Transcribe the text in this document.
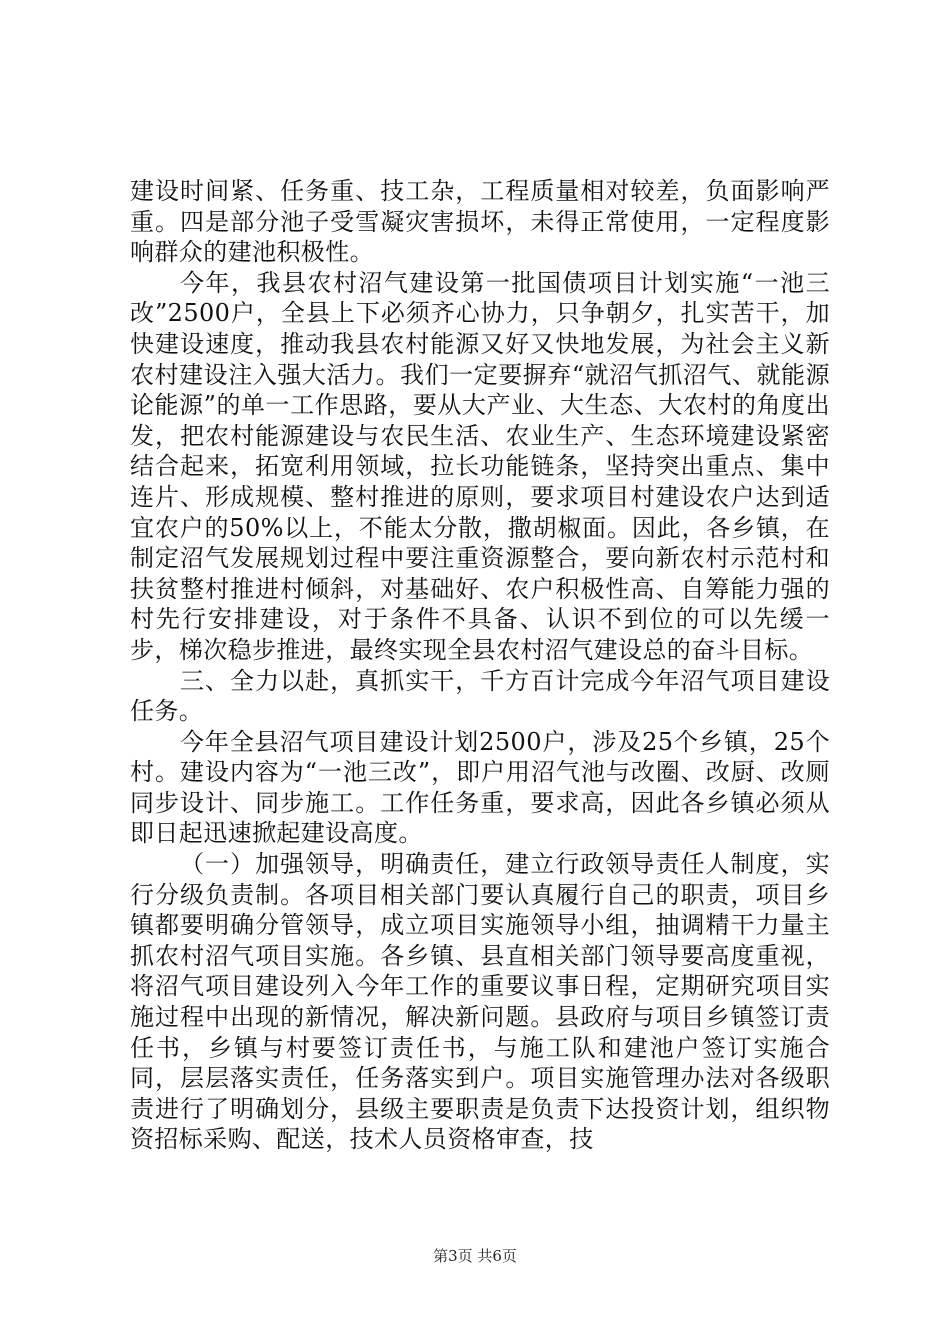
建设时间紧、任务重、技工杂，工程质量相对较差，负面影响严重。四是部分池子受雪凝灾害损坏，未得正常使用，一定程度影响群众的建池积极性。

今年，我县农村沼气建设第一批国债项目计划实施“一池三改”2500户，全县上下必须齐心协力，只争朝夕，扎实苦干，加快建设速度，推动我县农村能源又好又快地发展，为社会主义新农村建设注入强大活力。我们一定要摒弃“就沼气抓沼气、就能源论能源”的单一工作思路，要从大产业、大生态、大农村的角度出发，把农村能源建设与农民生活、农业生产、生态环境建设紧密结合起来，拓宽利用领域，拉长功能链条，坚持突出重点、集中连片、形成规模、整村推进的原则，要求项目村建设农户达到适宜农户的50%以上，不能太分散，撒胡椒面。因此，各乡镇，在制定沼气发展规划过程中要注重资源整合，要向新农村示范村和扶贫整村推进村倾斜，对基础好、农户积极性高、自筹能力强的村先行安排建设，对于条件不具备、认识不到位的可以先缓一步，梯次稳步推进，最终实现全县农村沼气建设总的奋斗目标。

三、全力以赴，真抓实干，千方百计完成今年沼气项目建设任务。

今年全县沼气项目建设计划2500户，涉及25个乡镇，25个村。建设内容为“一池三改”，即户用沼气池与改圈、改厨、改厕同步设计、同步施工。工作任务重，要求高，因此各乡镇必须从即日起迅速掀起建设高度。

（一）加强领导，明确责任，建立行政领导责任人制度，实行分级负责制。各项目相关部门要认真履行自己的职责，项目乡镇都要明确分管领导，成立项目实施领导小组，抽调精干力量主抓农村沼气项目实施。各乡镇、县直相关部门领导要高度重视，将沼气项目建设列入今年工作的重要议事日程，定期研究项目实施过程中出现的新情况，解决新问题。县政府与项目乡镇签订责任书，乡镇与村要签订责任书，与施工队和建池户签订实施合同，层层落实责任，任务落实到户。项目实施管理办法对各级职责进行了明确划分，县级主要职责是负责下达投资计划，组织物资招标采购、配送，技术人员资格审查，技

第3页 共6页
